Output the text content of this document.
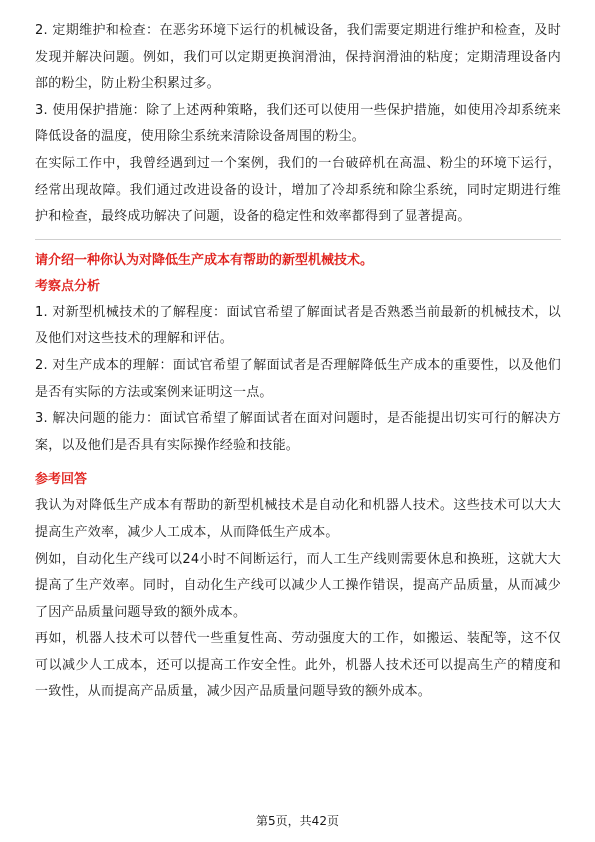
2. 定期维护和检查：在恶劣环境下运行的机械设备，我们需要定期进行维护和检查，及时发现并解决问题。例如，我们可以定期更换润滑油，保持润滑油的粘度；定期清理设备内部的粉尘，防止粉尘积累过多。

3. 使用保护措施：除了上述两种策略，我们还可以使用一些保护措施，如使用冷却系统来降低设备的温度，使用除尘系统来清除设备周围的粉尘。

在实际工作中，我曾经遇到过一个案例，我们的一台破碎机在高温、粉尘的环境下运行，经常出现故障。我们通过改进设备的设计，增加了冷却系统和除尘系统，同时定期进行维护和检查，最终成功解决了问题，设备的稳定性和效率都得到了显著提高。

请介绍一种你认为对降低生产成本有帮助的新型机械技术。

考察点分析

1. 对新型机械技术的了解程度：面试官希望了解面试者是否熟悉当前最新的机械技术，以及他们对这些技术的理解和评估。

2. 对生产成本的理解：面试官希望了解面试者是否理解降低生产成本的重要性，以及他们是否有实际的方法或案例来证明这一点。

3. 解决问题的能力：面试官希望了解面试者在面对问题时，是否能提出切实可行的解决方案，以及他们是否具有实际操作经验和技能。

参考回答

我认为对降低生产成本有帮助的新型机械技术是自动化和机器人技术。这些技术可以大大提高生产效率，减少人工成本，从而降低生产成本。

例如，自动化生产线可以24小时不间断运行，而人工生产线则需要休息和换班，这就大大提高了生产效率。同时，自动化生产线可以减少人工操作错误，提高产品质量，从而减少了因产品质量问题导致的额外成本。

再如，机器人技术可以替代一些重复性高、劳动强度大的工作，如搬运、装配等，这不仅可以减少人工成本，还可以提高工作安全性。此外，机器人技术还可以提高生产的精度和一致性，从而提高产品质量，减少因产品质量问题导致的额外成本。

第5页，共42页
